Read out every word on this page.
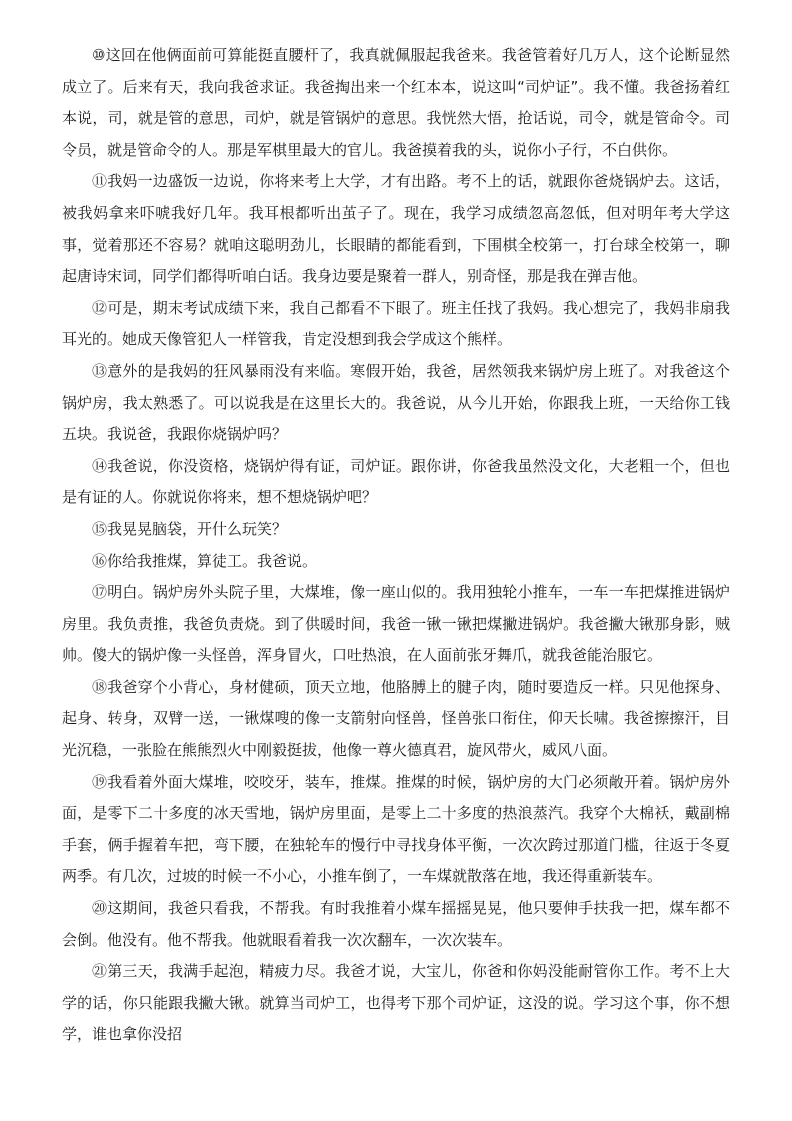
⑩这回在他俩面前可算能挺直腰杆了，我真就佩服起我爸来。我爸管着好几万人，这个论断显然成立了。后来有天，我向我爸求证。我爸掏出来一个红本本，说这叫“司炉证”。我不懂。我爸扬着红本说，司，就是管的意思，司炉，就是管锅炉的意思。我恍然大悟，抢话说，司令，就是管命令。司令员，就是管命令的人。那是军棋里最大的官儿。我爸摸着我的头，说你小子行，不白供你。

⑪我妈一边盛饭一边说，你将来考上大学，才有出路。考不上的话，就跟你爸烧锅炉去。这话，被我妈拿来吓唬我好几年。我耳根都听出茧子了。现在，我学习成绩忽高忽低，但对明年考大学这事，觉着那还不容易？就咱这聪明劲儿，长眼睛的都能看到，下围棋全校第一，打台球全校第一，聊起唐诗宋词，同学们都得听咱白话。我身边要是聚着一群人，别奇怪，那是我在弹吉他。

⑫可是，期末考试成绩下来，我自己都看不下眼了。班主任找了我妈。我心想完了，我妈非扇我耳光的。她成天像管犯人一样管我，肯定没想到我会学成这个熊样。

⑬意外的是我妈的狂风暴雨没有来临。寒假开始，我爸，居然领我来锅炉房上班了。对我爸这个锅炉房，我太熟悉了。可以说我是在这里长大的。我爸说，从今儿开始，你跟我上班，一天给你工钱五块。我说爸，我跟你烧锅炉吗？

⑭我爸说，你没资格，烧锅炉得有证，司炉证。跟你讲，你爸我虽然没文化，大老粗一个，但也是有证的人。你就说你将来，想不想烧锅炉吧？

⑮我晃晃脑袋，开什么玩笑？

⑯你给我推煤，算徒工。我爸说。

⑰明白。锅炉房外头院子里，大煤堆，像一座山似的。我用独轮小推车，一车一车把煤推进锅炉房里。我负责推，我爸负责烧。到了供暖时间，我爸一锹一锹把煤撇进锅炉。我爸撇大锹那身影，贼帅。傻大的锅炉像一头怪兽，浑身冒火，口吐热浪，在人面前张牙舞爪，就我爸能治服它。

⑱我爸穿个小背心，身材健硕，顶天立地，他胳膊上的腱子肉，随时要造反一样。只见他探身、起身、转身，双臂一送，一锹煤嗖的像一支箭射向怪兽，怪兽张口衔住，仰天长啸。我爸擦擦汗，目光沉稳，一张脸在熊熊烈火中刚毅挺拔，他像一尊火德真君，旋风带火，威风八面。

⑲我看着外面大煤堆，咬咬牙，装车，推煤。推煤的时候，锅炉房的大门必须敞开着。锅炉房外面，是零下二十多度的冰天雪地，锅炉房里面，是零上二十多度的热浪蒸汽。我穿个大棉袄，戴副棉手套，俩手握着车把，弯下腰，在独轮车的慢行中寻找身体平衡，一次次跨过那道门槛，往返于冬夏两季。有几次，过坡的时候一不小心，小推车倒了，一车煤就散落在地，我还得重新装车。

⑳这期间，我爸只看我，不帮我。有时我推着小煤车摇摇晃晃，他只要伸手扶我一把，煤车都不会倒。他没有。他不帮我。他就眼看着我一次次翻车，一次次装车。

㉑第三天，我满手起泡，精疲力尽。我爸才说，大宝儿，你爸和你妈没能耐管你工作。考不上大学的话，你只能跟我撇大锹。就算当司炉工，也得考下那个司炉证，这没的说。学习这个事，你不想学，谁也拿你没招
